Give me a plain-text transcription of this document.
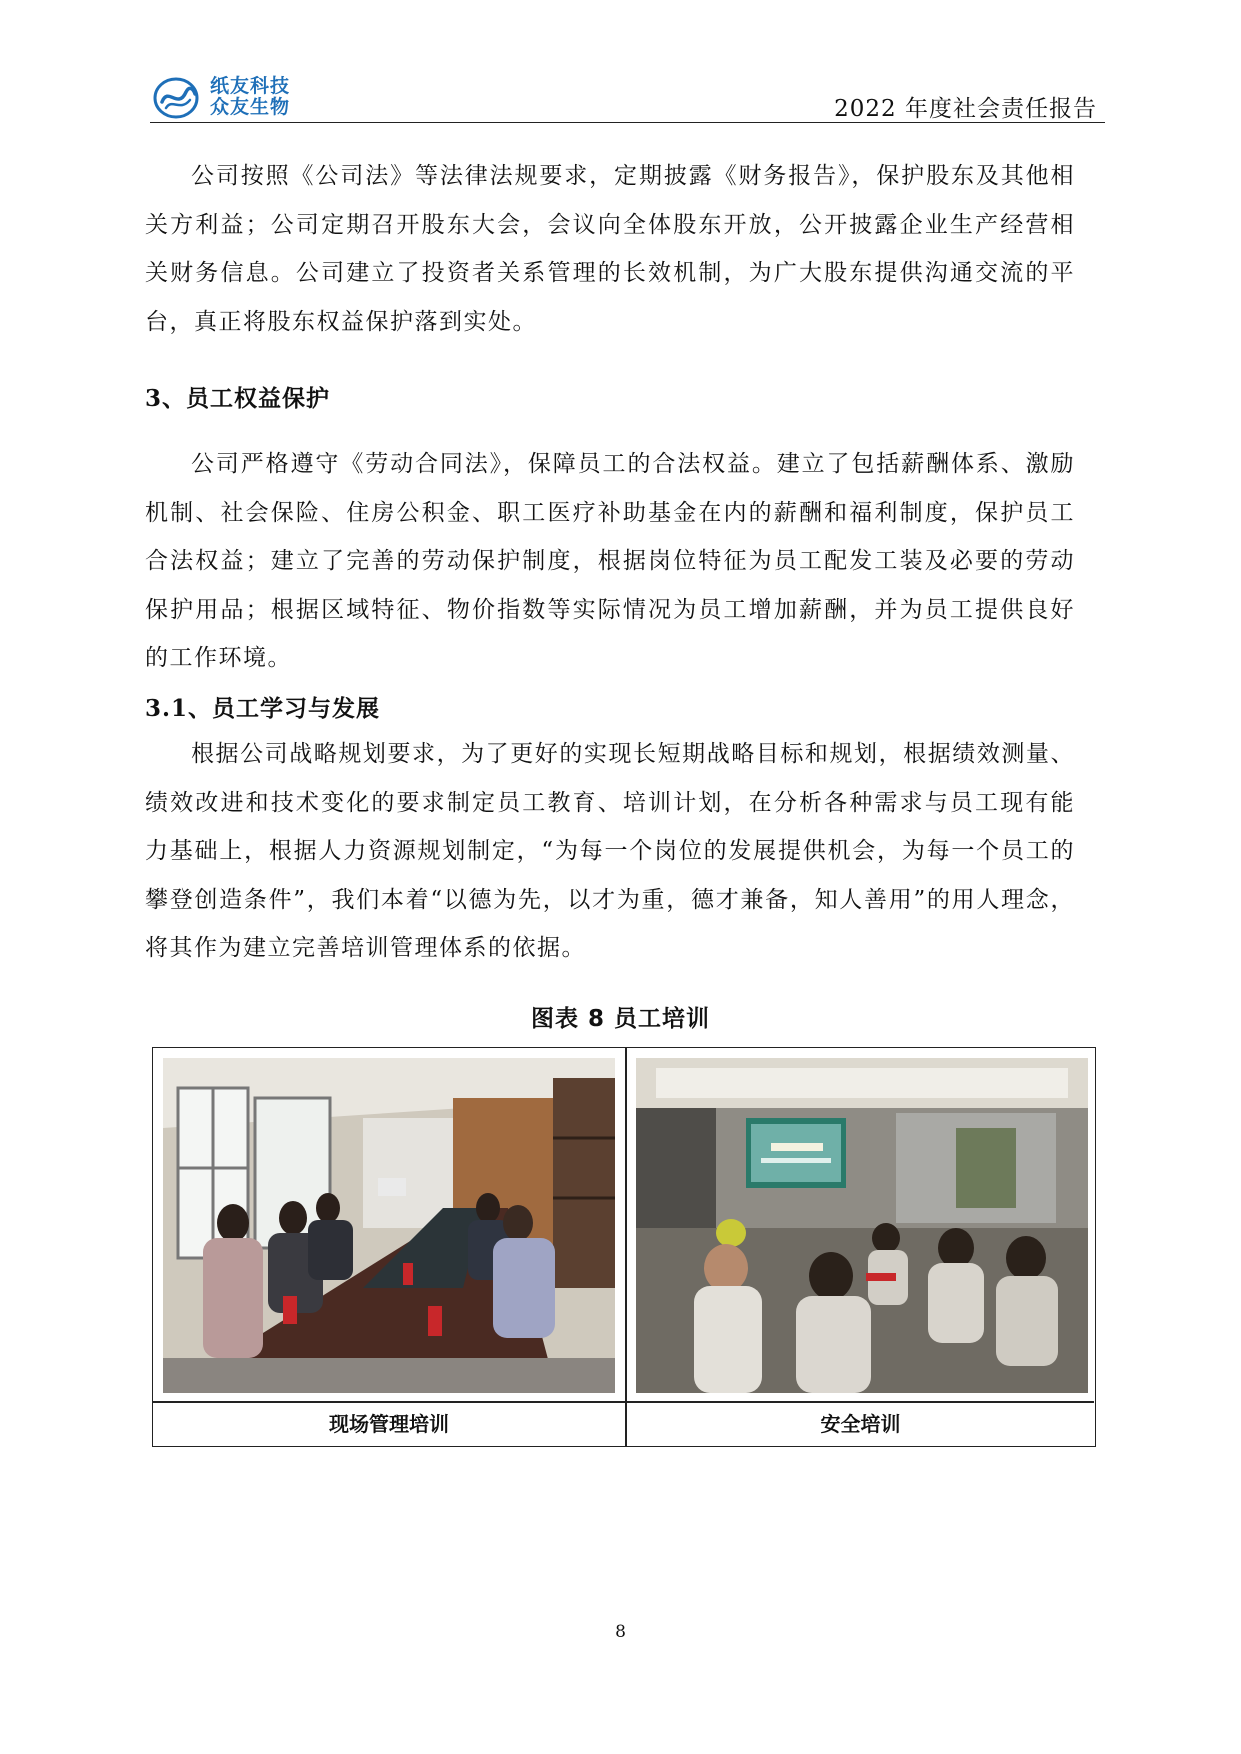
纸友科技
众友生物	2022 年度社会责任报告

公司按照《公司法》等法律法规要求，定期披露《财务报告》，保护股东及其他相关方利益；公司定期召开股东大会，会议向全体股东开放，公开披露企业生产经营相关财务信息。公司建立了投资者关系管理的长效机制，为广大股东提供沟通交流的平台，真正将股东权益保护落到实处。

3、员工权益保护

公司严格遵守《劳动合同法》，保障员工的合法权益。建立了包括薪酬体系、激励机制、社会保险、住房公积金、职工医疗补助基金在内的薪酬和福利制度，保护员工合法权益；建立了完善的劳动保护制度，根据岗位特征为员工配发工装及必要的劳动保护用品；根据区域特征、物价指数等实际情况为员工增加薪酬，并为员工提供良好的工作环境。

3.1、员工学习与发展

根据公司战略规划要求，为了更好的实现长短期战略目标和规划，根据绩效测量、绩效改进和技术变化的要求制定员工教育、培训计划，在分析各种需求与员工现有能力基础上，根据人力资源规划制定，“为每一个岗位的发展提供机会，为每一个员工的攀登创造条件”，我们本着“以德为先，以才为重，德才兼备，知人善用”的用人理念，将其作为建立完善培训管理体系的依据。

图表 8 员工培训
现场管理培训	安全培训
8
